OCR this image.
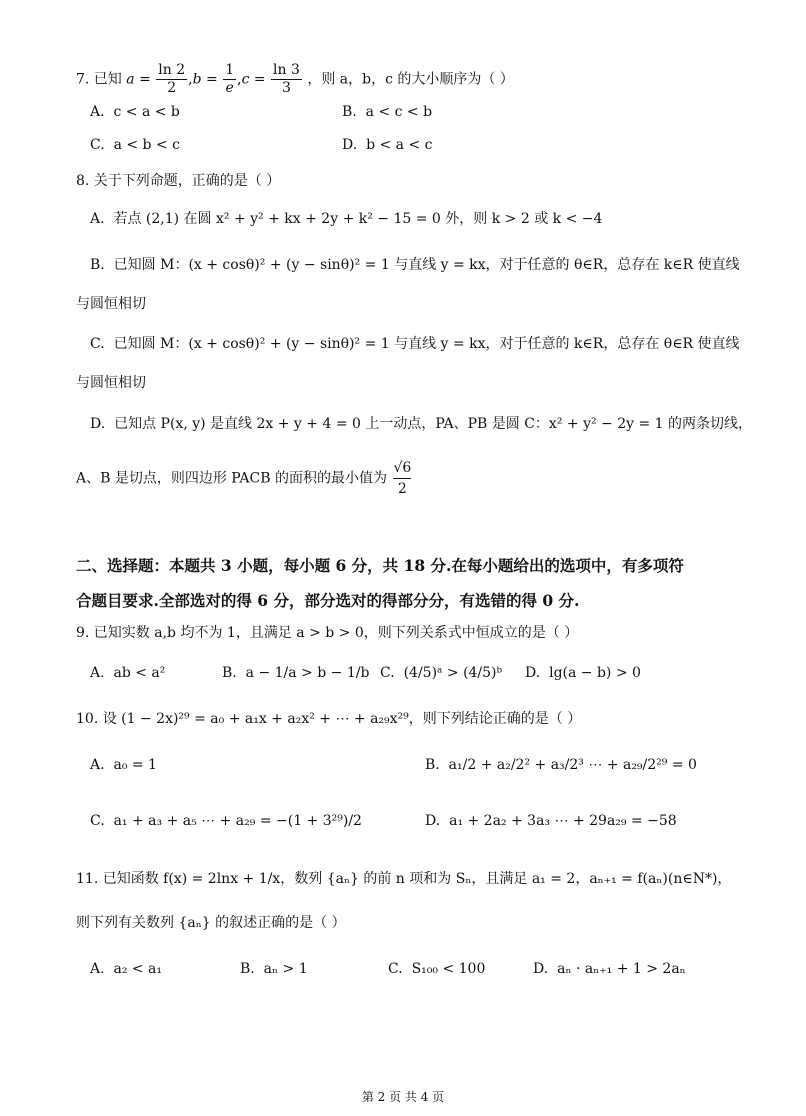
7. 已知 $a = \frac{\ln 2}{2} ,b = \frac{1}{e} ,c = \frac{\ln 3}{3}$ ，则 a，b，c 的大小顺序为（ ）
A. c < a < b	B. a < c < b
C. a < b < c	D. b < a < c
8. 关于下列命题，正确的是（ ）
A. 若点 (2,1) 在圆 x² + y² + kx + 2y + k² − 15 = 0 外，则 k > 2 或 k < −4
B. 已知圆 M：(x + cosθ)² + (y − sinθ)² = 1 与直线 y = kx，对于任意的 θ∈R，总存在 k∈R 使直线
与圆恒相切
C. 已知圆 M：(x + cosθ)² + (y − sinθ)² = 1 与直线 y = kx，对于任意的 k∈R，总存在 θ∈R 使直线
与圆恒相切
D. 已知点 P(x, y) 是直线 2x + y + 4 = 0 上一动点，PA、PB 是圆 C：x² + y² − 2y = 1 的两条切线，
A、B 是切点，则四边形 PACB 的面积的最小值为 $\frac{√6}{2}$
二、选择题：本题共 3 小题，每小题 6 分，共 18 分.在每小题给出的选项中，有多项符
合题目要求.全部选对的得 6 分，部分选对的得部分分，有选错的得 0 分.
9. 已知实数 a,b 均不为 1，且满足 a > b > 0，则下列关系式中恒成立的是（ ）
A. ab < a²	B. a − 1/a > b − 1/b C. (4/5)ᵃ > (4/5)ᵇ D. lg(a − b) > 0
10. 设 (1 − 2x)²⁹ = a₀ + a₁x + a₂x² + ⋯ + a₂₉x²⁹，则下列结论正确的是（ ）
A. a₀ = 1	B. a₁/2 + a₂/2² + a₃/2³ ⋯ + a₂₉/2²⁹ = 0
C. a₁ + a₃ + a₅ ⋯ + a₂₉ = −(1 + 3²⁹)/2	D. a₁ + 2a₂ + 3a₃ ⋯ + 29a₂₉ = −58
11. 已知函数 f(x) = 2lnx + 1/x，数列 {aₙ} 的前 n 项和为 Sₙ，且满足 a₁ = 2，aₙ₊₁ = f(aₙ)(n∈N*)，
则下列有关数列 {aₙ} 的叙述正确的是（ ）
A. a₂ < a₁	B. aₙ > 1	C. S₁₀₀ < 100	D. aₙ · aₙ₊₁ + 1 > 2aₙ
第 2 页 共 4 页
